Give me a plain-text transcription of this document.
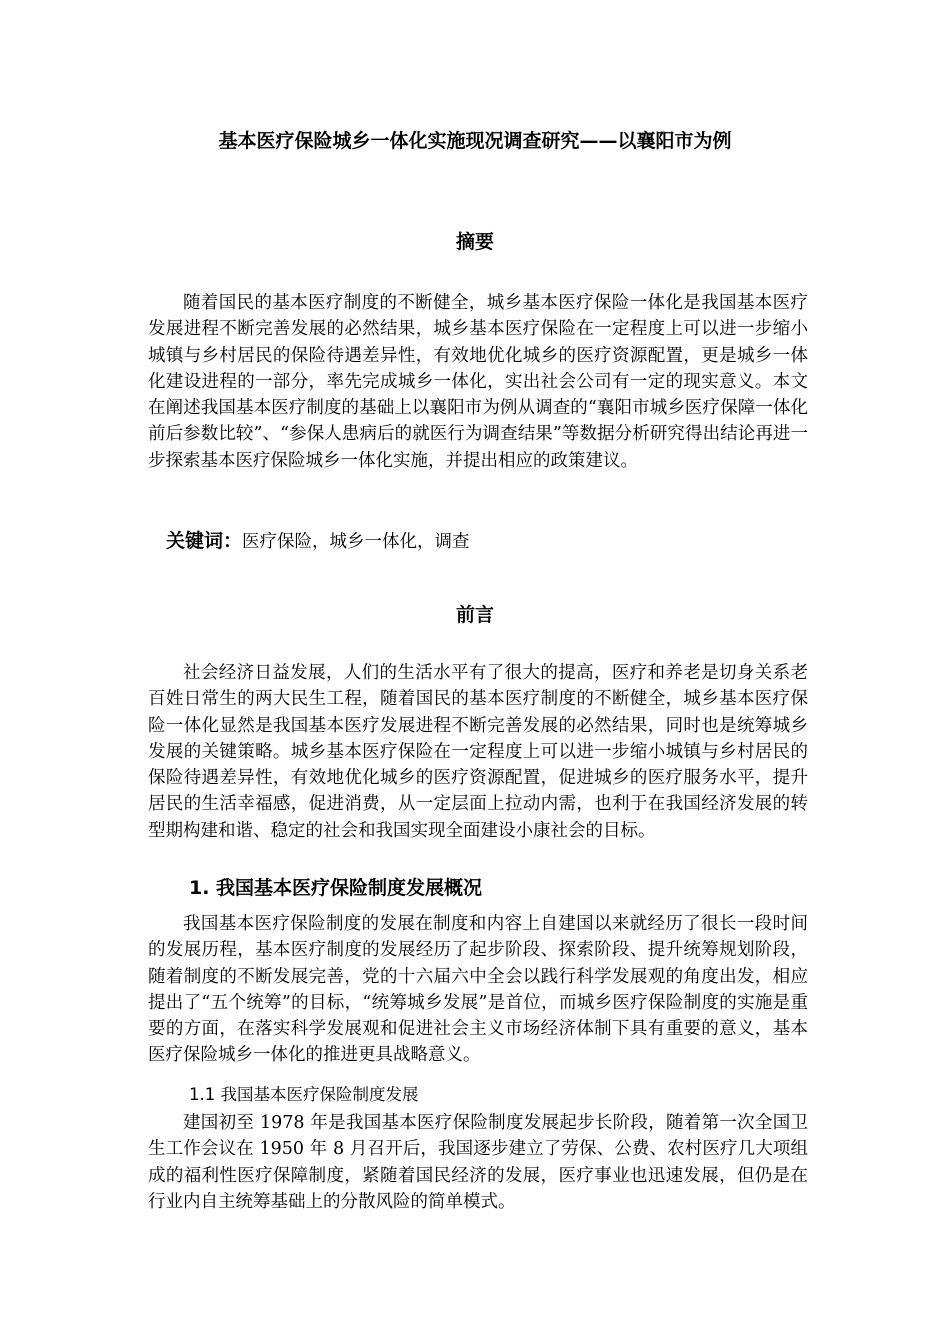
基本医疗保险城乡一体化实施现况调查研究——以襄阳市为例
摘要

随着国民的基本医疗制度的不断健全，城乡基本医疗保险一体化是我国基本医疗发展进程不断完善发展的必然结果，城乡基本医疗保险在一定程度上可以进一步缩小城镇与乡村居民的保险待遇差异性，有效地优化城乡的医疗资源配置，更是城乡一体化建设进程的一部分，率先完成城乡一体化，实出社会公司有一定的现实意义。本文在阐述我国基本医疗制度的基础上以襄阳市为例从调查的“襄阳市城乡医疗保障一体化前后参数比较”、“参保人患病后的就医行为调查结果”等数据分析研究得出结论再进一步探索基本医疗保险城乡一体化实施，并提出相应的政策建议。

关键词：医疗保险，城乡一体化，调查
前言

社会经济日益发展，人们的生活水平有了很大的提高，医疗和养老是切身关系老百姓日常生的两大民生工程，随着国民的基本医疗制度的不断健全，城乡基本医疗保险一体化显然是我国基本医疗发展进程不断完善发展的必然结果，同时也是统筹城乡发展的关键策略。城乡基本医疗保险在一定程度上可以进一步缩小城镇与乡村居民的保险待遇差异性，有效地优化城乡的医疗资源配置，促进城乡的医疗服务水平，提升居民的生活幸福感，促进消费，从一定层面上拉动内需，也利于在我国经济发展的转型期构建和谐、稳定的社会和我国实现全面建设小康社会的目标。

1. 我国基本医疗保险制度发展概况

我国基本医疗保险制度的发展在制度和内容上自建国以来就经历了很长一段时间的发展历程，基本医疗制度的发展经历了起步阶段、探索阶段、提升统筹规划阶段，随着制度的不断发展完善，党的十六届六中全会以践行科学发展观的角度出发，相应提出了“五个统筹”的目标，“统筹城乡发展”是首位，而城乡医疗保险制度的实施是重要的方面，在落实科学发展观和促进社会主义市场经济体制下具有重要的意义，基本医疗保险城乡一体化的推进更具战略意义。

1.1 我国基本医疗保险制度发展

建国初至 1978 年是我国基本医疗保险制度发展起步长阶段，随着第一次全国卫生工作会议在 1950 年 8 月召开后，我国逐步建立了劳保、公费、农村医疗几大项组成的福利性医疗保障制度，紧随着国民经济的发展，医疗事业也迅速发展，但仍是在行业内自主统筹基础上的分散风险的简单模式。
